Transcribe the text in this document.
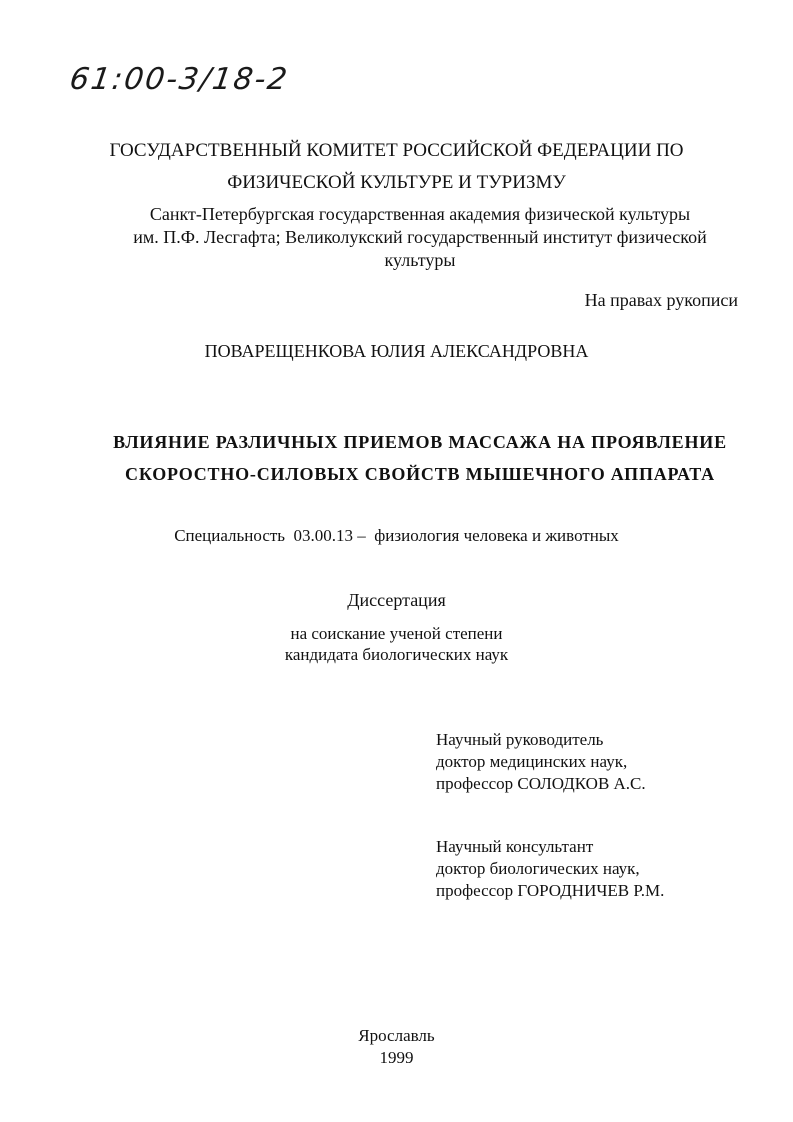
61:00-3/18-2
ГОСУДАРСТВЕННЫЙ КОМИТЕТ РОССИЙСКОЙ ФЕДЕРАЦИИ ПО
ФИЗИЧЕСКОЙ КУЛЬТУРЕ И ТУРИЗМУ
Санкт-Петербургская государственная академия физической культуры
им. П.Ф. Лесгафта; Великолукский государственный институт физической
культуры
На правах рукописи
ПОВАРЕЩЕНКОВА ЮЛИЯ АЛЕКСАНДРОВНА
ВЛИЯНИЕ РАЗЛИЧНЫХ ПРИЕМОВ МАССАЖА НА ПРОЯВЛЕНИЕ
СКОРОСТНО-СИЛОВЫХ СВОЙСТВ МЫШЕЧНОГО АППАРАТА
Специальность  03.00.13 –  физиология человека и животных
Диссертация
на соискание ученой степени
кандидата биологических наук
Научный руководитель
доктор медицинских наук,
профессор СОЛОДКОВ А.С.
Научный консультант
доктор биологических наук,
профессор ГОРОДНИЧЕВ Р.М.
Ярославль
1999
